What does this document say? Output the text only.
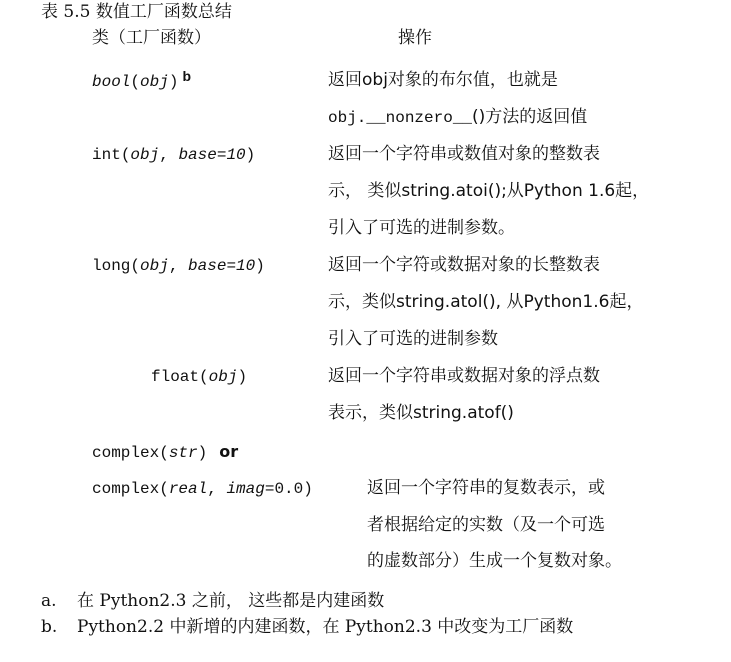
表 5.5 数值工厂函数总结
类（工厂函数）	操作
bool(obj) b	返回obj对象的布尔值，也就是
obj.__nonzero__()方法的返回值
int(obj, base=10)	返回一个字符串或数值对象的整数表
示， 类似string.atoi();从Python 1.6起，
引入了可选的进制参数。
long(obj, base=10)	返回一个字符或数据对象的长整数表
示，类似string.atol(), 从Python1.6起，
引入了可选的进制参数
float(obj)	返回一个字符串或数据对象的浮点数
表示，类似string.atof()
complex(str) or
complex(real, imag=0.0)	返回一个字符串的复数表示，或
者根据给定的实数（及一个可选
的虚数部分）生成一个复数对象。
a. 在 Python2.3 之前， 这些都是内建函数
b. Python2.2 中新增的内建函数，在 Python2.3 中改变为工厂函数
